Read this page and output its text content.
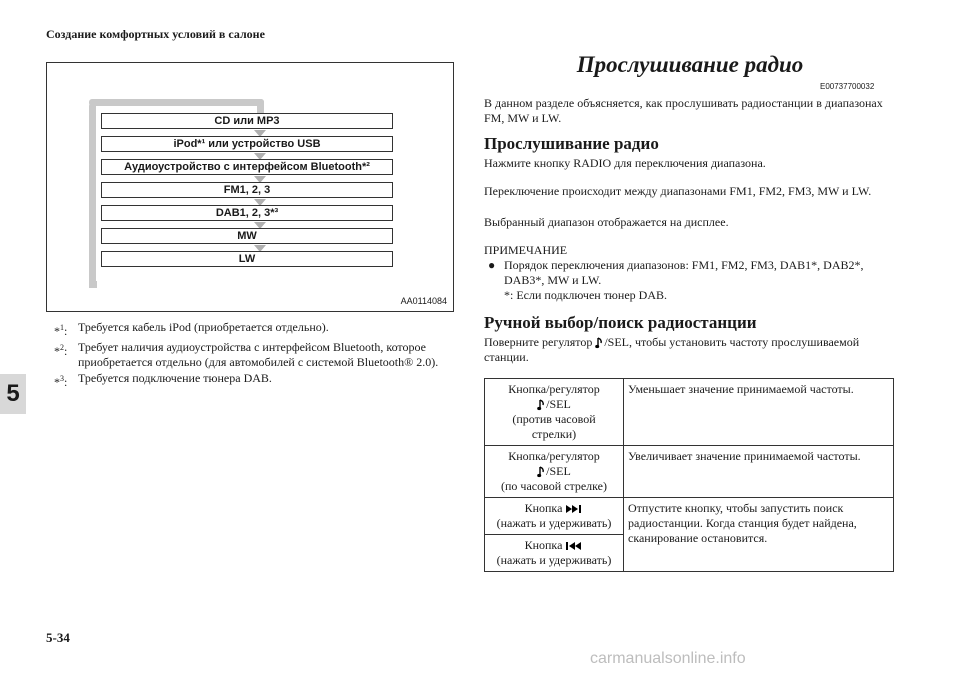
Создание комфортных условий в салоне
5
CD или MP3
iPod*¹ или устройство USB
Аудиоустройство с интерфейсом Bluetooth*²
FM1, 2, 3
DAB1, 2, 3*³
MW
LW
AA0114084
*$^1$: Требуется кабель iPod (приобретается отдельно).
*$^2$: Требует наличия аудиоустройства с интерфейсом Bluetooth, которое приобретается отдельно (для автомобилей с системой Bluetooth® 2.0).
*$^3$: Требуется подключение тюнера DAB.
Прослушивание радио
E00737700032
В данном разделе объясняется, как прослушивать радиостанции в диапазонах FM, MW и LW.
Прослушивание радио
Нажмите кнопку RADIO для переключения диапазона.
Переключение происходит между диапазонами FM1, FM2, FM3, MW и LW.
Выбранный диапазон отображается на дисплее.
ПРИМЕЧАНИЕ
● Порядок переключения диапазонов: FM1, FM2, FM3, DAB1*, DAB2*, DAB3*, MW и LW.
*: Если подключен тюнер DAB.
Ручной выбор/поиск радиостанции
Поверните регулятор /SEL, чтобы установить частоту прослушиваемой станции.
Кнопка/регулятор
/SEL
(против часовой стрелки)	Уменьшает значение принимаемой частоты.

Кнопка/регулятор
/SEL
(по часовой стрелке)	Увеличивает значение принимаемой частоты.

Кнопка
(нажать и удерживать)	Отпустите кнопку, чтобы запустить поиск радиостанции. Когда станция будет найдена, сканирование остановится.

Кнопка
(нажать и удерживать)	
5-34
carmanualsonline.info
